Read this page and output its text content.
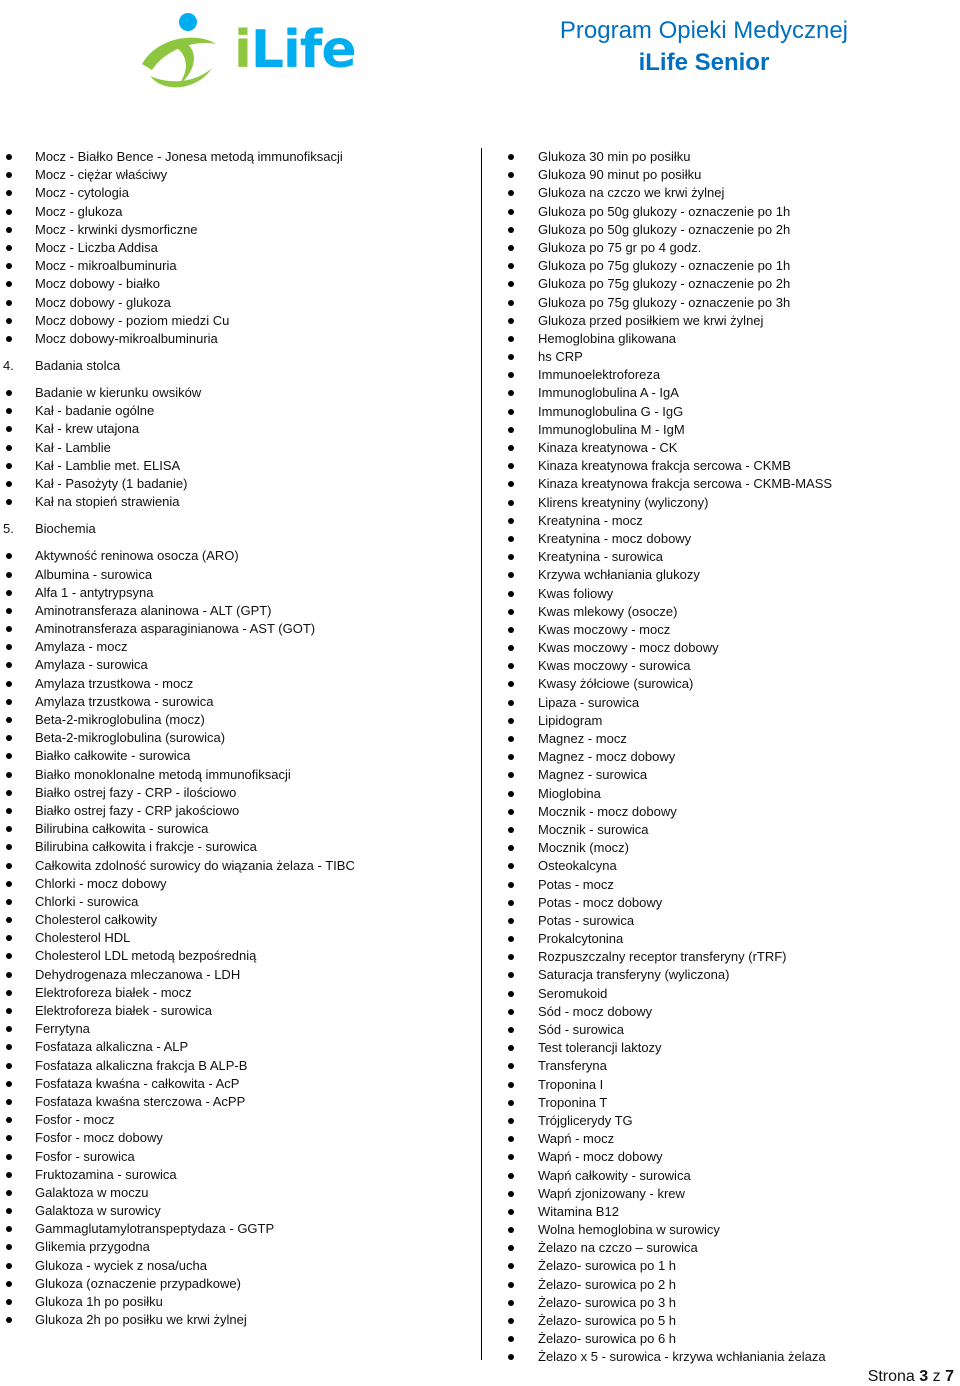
iLife	Program Opieki Medycznej
iLife Senior
Mocz - Białko Bence - Jonesa metodą immunofiksacji
Mocz - ciężar właściwy
Mocz - cytologia
Mocz - glukoza
Mocz - krwinki dysmorficzne
Mocz - Liczba Addisa
Mocz - mikroalbuminuria
Mocz dobowy - białko
Mocz dobowy - glukoza
Mocz dobowy - poziom miedzi Cu
Mocz dobowy-mikroalbuminuria
4. Badania stolca
Badanie w kierunku owsików
Kał - badanie ogólne
Kał - krew utajona
Kał - Lamblie
Kał - Lamblie met. ELISA
Kał - Pasożyty (1 badanie)
Kał na stopień strawienia
5. Biochemia
Aktywność reninowa osocza (ARO)
Albumina - surowica
Alfa 1 - antytrypsyna
Aminotransferaza alaninowa - ALT (GPT)
Aminotransferaza asparaginianowa - AST (GOT)
Amylaza - mocz
Amylaza - surowica
Amylaza trzustkowa - mocz
Amylaza trzustkowa - surowica
Beta-2-mikroglobulina (mocz)
Beta-2-mikroglobulina (surowica)
Białko całkowite - surowica
Białko monoklonalne metodą immunofiksacji
Białko ostrej fazy - CRP - ilościowo
Białko ostrej fazy - CRP jakościowo
Bilirubina całkowita - surowica
Bilirubina całkowita i frakcje - surowica
Całkowita zdolność surowicy do wiązania żelaza - TIBC
Chlorki - mocz dobowy
Chlorki - surowica
Cholesterol całkowity
Cholesterol HDL
Cholesterol LDL metodą bezpośrednią
Dehydrogenaza mleczanowa - LDH
Elektroforeza białek - mocz
Elektroforeza białek - surowica
Ferrytyna
Fosfataza alkaliczna - ALP
Fosfataza alkaliczna frakcja B ALP-B
Fosfataza kwaśna - całkowita - AcP
Fosfataza kwaśna sterczowa - AcPP
Fosfor - mocz
Fosfor - mocz dobowy
Fosfor - surowica
Fruktozamina - surowica
Galaktoza w moczu
Galaktoza w surowicy
Gammaglutamylotranspeptydaza - GGTP
Glikemia przygodna
Glukoza - wyciek z nosa/ucha
Glukoza (oznaczenie przypadkowe)
Glukoza 1h po posiłku
Glukoza 2h po posiłku we krwi żylnej
Glukoza 30 min po posiłku
Glukoza 90 minut po posiłku
Glukoza na czczo we krwi żylnej
Glukoza po 50g glukozy - oznaczenie po 1h
Glukoza po 50g glukozy - oznaczenie po 2h
Glukoza po 75 gr po 4 godz.
Glukoza po 75g glukozy - oznaczenie po 1h
Glukoza po 75g glukozy - oznaczenie po 2h
Glukoza po 75g glukozy - oznaczenie po 3h
Glukoza przed posiłkiem we krwi żylnej
Hemoglobina glikowana
hs CRP
Immunoelektroforeza
Immunoglobulina A - IgA
Immunoglobulina G - IgG
Immunoglobulina M - IgM
Kinaza kreatynowa - CK
Kinaza kreatynowa frakcja sercowa - CKMB
Kinaza kreatynowa frakcja sercowa - CKMB-MASS
Klirens kreatyniny (wyliczony)
Kreatynina - mocz
Kreatynina - mocz dobowy
Kreatynina - surowica
Krzywa wchłaniania glukozy
Kwas foliowy
Kwas mlekowy (osocze)
Kwas moczowy - mocz
Kwas moczowy - mocz dobowy
Kwas moczowy - surowica
Kwasy żółciowe (surowica)
Lipaza - surowica
Lipidogram
Magnez - mocz
Magnez - mocz dobowy
Magnez - surowica
Mioglobina
Mocznik - mocz dobowy
Mocznik - surowica
Mocznik (mocz)
Osteokalcyna
Potas - mocz
Potas - mocz dobowy
Potas - surowica
Prokalcytonina
Rozpuszczalny receptor transferyny (rTRF)
Saturacja transferyny (wyliczona)
Seromukoid
Sód - mocz dobowy
Sód - surowica
Test tolerancji laktozy
Transferyna
Troponina I
Troponina T
Trójglicerydy TG
Wapń - mocz
Wapń - mocz dobowy
Wapń całkowity - surowica
Wapń zjonizowany - krew
Witamina B12
Wolna hemoglobina w surowicy
Żelazo na czczo – surowica
Żelazo- surowica po 1 h
Żelazo- surowica po 2 h
Żelazo- surowica po 3 h
Żelazo- surowica po 5 h
Żelazo- surowica po 6 h
Żelazo x 5 - surowica - krzywa wchłaniania żelaza
Strona 3 z 7
